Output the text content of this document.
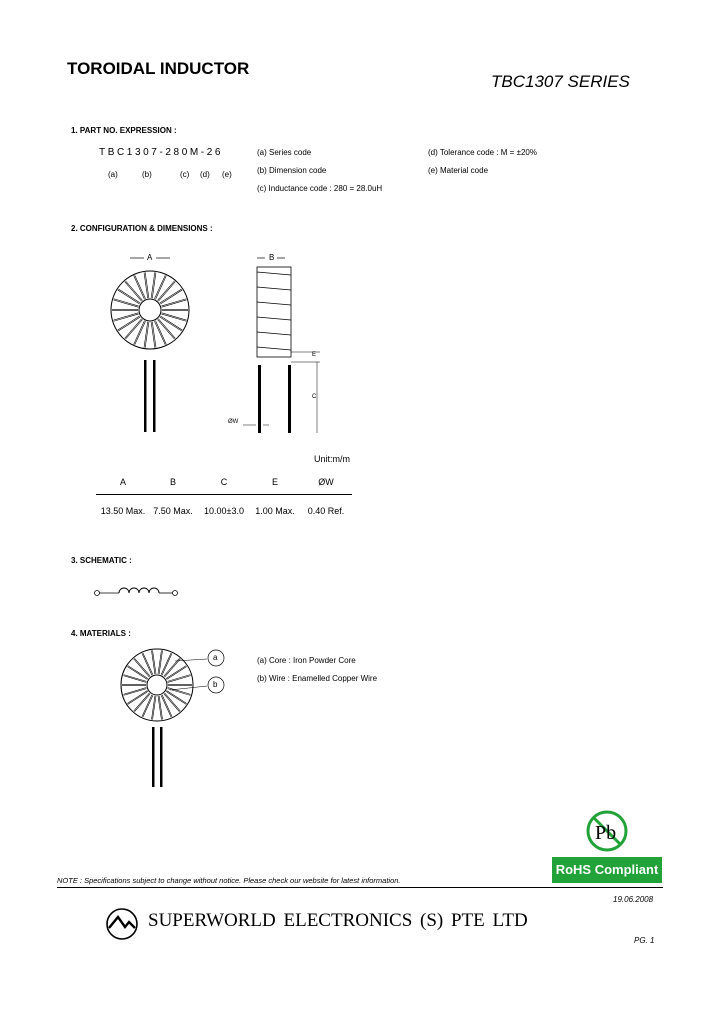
TOROIDAL INDUCTOR
TBC1307 SERIES
1. PART NO. EXPRESSION :
TBC1307-280M-26
(a)	(b)	(c) (d) (e)
(a) Series code
(b) Dimension code
(c) Inductance code : 280 = 28.0uH
(d) Tolerance code : M = ±20%
(e) Material code
2. CONFIGURATION & DIMENSIONS :
A	B
E
C
ØW
Unit:m/m
A	B	C	E	ØW
13.50 Max. 7.50 Max.	10.00±3.0	1.00 Max.	0.40 Ref.
3. SCHEMATIC :
4. MATERIALS :
a
b
(a) Core : Iron Powder Core
(b) Wire : Enamelled Copper Wire
Pb
RoHS Compliant
NOTE : Specifications subject to change without notice. Please check our website for latest information.
19.06.2008
SUPERWORLD ELECTRONICS (S) PTE LTD
PG. 1
